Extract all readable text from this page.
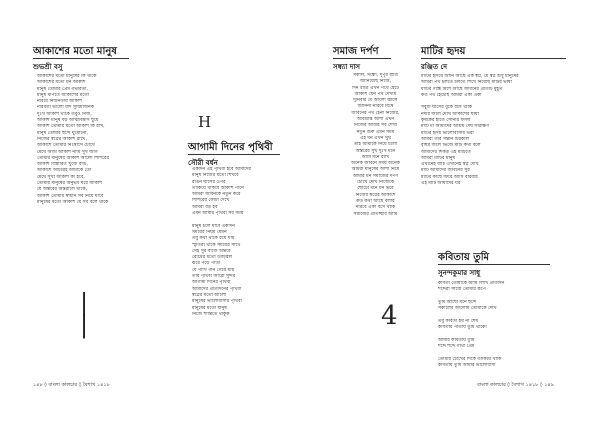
আকাশের মতো মানুষ
শুভশ্রী বসু
আকাশের মতো মানুষের কি থাকে
আকাশের মতো মন আকাশ
মানুষ তোমার প্রেম গভীরতা,
মানুষ মাপতে আকাশের মতো
নীরবে নির্জনতায় আকাশ
নীরবতা ভালো যদি সুবিধাজনক
দুঃখ আকাশ থাকে তবুও নিজ,
আকাশ মানুষ বড় আত্মবিশ্বাস ছুঁয়ে
আকাশ তোমার মতো আকাশ কি রাখ,
মানুষ তোমার ছন্দে ঘুমোনো,
নিজের স্বপ্নের আকাশ রাখে,
আকাশে তোমার নিঃশ্বাসে চোখে
মেঘে আমি আকাশ নামি সুখ জাগ
তোমার মানুষের আকাশ আলো শিশিরের
আকাশ বিস্তারিত খুঁজে বাঁচি,
আকাশে অচিরেই আমাকে তো
মেঘে সুখী আকাশ কী হবে,
তোমার মানুষের অনুভব ঘরে আকাশ
যে অন্তরের অন্তরালে থাকে,
আকাশ তোমার স্বাধীন সব নিয়ে যাবে
মানুষের মতো আকাশ যে সব বলে থাকে
H
আগামী দিনের পৃথিবী
সৌরী বর্ধন
একদিন এই পৃথিবী হবে আমাদের
মানুষ নিজের মতো শিখবে
রঙিন ঘাসের ওপর
তাকিয়ে থাকবে আকাশ পানে
আমরা জীবনকে নতুন করে
শিশিরের ফোঁটা দেখে
আমরা বড় হব
এমন আমার পৃথিবী সব সময়
মানুষ চলে যাবে একদিন
সময়ের নিয়ম যেমন
তবু কথা থাকে রয়ে যায়
স্মৃতিরা থাকে সময়ের সাথে
সেই সুর বাজে অন্তরে
রৌদ্রের মতো উজ্জ্বল
ঝরে পড়ে পাতা
যে পাখি গান গেয়ে যায়
তার পৃথিবী আরো সুন্দর
আগামী দিনের পৃথিবী
আমাদের প্রতিদিনের পৃথিবী
স্বপ্নের মতো আলো
মানুষের ভালোবাসার পৃথিবী
মানুষের মতো মানুষ
নিজে শান্তিতে থাকুক
|
|
১৪৮ ◊ বাংলা কালচার ◊ বৈশাখ ১৪১৮
সমাজ দর্পণ
সন্ধ্যা দাস
সকাল, সন্ধ্যে, দুপুর রাত্রি
জানিয়েছি নিজে,
দিন রাত্রি এখন পথে হেঁটে
আকাশ যেন পথ দেখায়
দুর্নিবার যে আলো জ্বালে
জানিনা নীরবে বিষে
জীবনের পথ চেনা নিজের,
অবিশ্রান্ত আশা এখন
নিজের আবার সব শেখা
নতুন শুরু এমন সময়
এই মন এখন সুখ
তাই আমাকে নিয়ে চলো
অন্তরের সুখ দুঃখ মনে
আমি মনে রাখি
অনেক জীবনে সময় অনেক
আমরা মানুষের আশা নিয়ে
আমার মন সমাজের দর্পণ
চোখে দেখি নিজেকে
ছোটো মনে মন ভরে
নিজের স্বপ্নের আকাশে
কত কথা আছে বলার
নীরবে একা বসে থাকি
সমাজের প্রতিচ্ছবি আমি
মাটির হৃদয়
রঞ্জিত দে
মাটির হৃদয়ে জানি আছে এক স্বপ্ন, যে স্বপ্ন শুধু মানুষের
আমরা পথ চলতে চলতে শিখে নিয়েছি মাটির ভাষা
মাটির গন্ধে মিশে আছে জীবনের প্রতিটি মুহূর্ত
কত পথ হেঁটেছি আমরা একা একা
সবুজ ঘাসের বুকে বসে থাকি
নদীর জলে দেখি আকাশের ছায়া
কৃষকের হাতে সোনার ফসল
মাটি মা আমাদের আশ্রয় দেয় সারাক্ষণ
মাটির হৃদয় ভালোবাসায় ভরা
আমরা তার সন্তান চিরকাল
বৃষ্টির জলে ভিজে মাটি কথা বলে
আমাদের শিকড় এই মাটিতে
আমরা মাটির মানুষ
এখানেই বাঁচি এখানেই স্বপ্ন দেখি
মাটি আমাদের জীবনের সুর
মাটির কাছে ফিরে আসি বারবার
এই মাটি আমাদের ঘর
4
কবিতায় তুমি
সুনন্দকুমার সাধু
কবিতা তোমাকে আমি লিখি প্রতিদিন
শব্দেরা সাজে তোমার রূপে
তুমি আছো মনে ছন্দে
সকালের আলোয় তোমাকে দেখি
তবু কবিতা হয় না শেষ
কবিতার পাতায় তুমি থাকো
আমার কবিতায় তুমি
শব্দে শব্দে গাঁথা প্রেম
তোমার চোখের দিকে তাকিয়ে থাকি
কবিতায় তুমি আমার ভালোবাসা
বাংলা কালচার ◊ বৈশাখ ১৪১৮ ◊ ১৪৯
